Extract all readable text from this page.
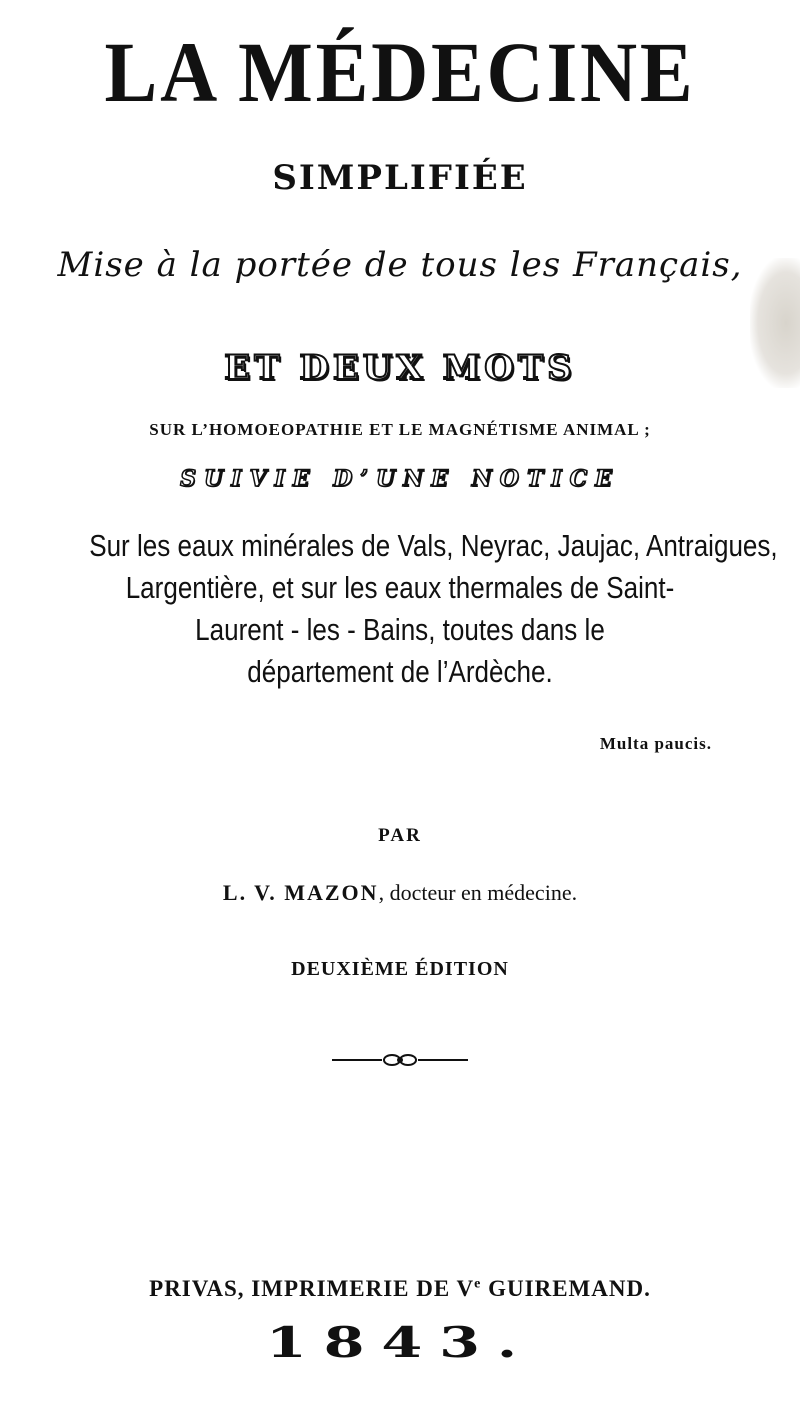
LA MÉDECINE
SIMPLIFIÉE
Mise à la portée de tous les Français,
ET DEUX MOTS
SUR L’HOMOEOPATHIE ET LE MAGNÉTISME ANIMAL ;
SUIVIE D’UNE NOTICE
Sur les eaux minérales de Vals, Neyrac, Jaujac, Antraigues,
Largentière, et sur les eaux thermales de Saint-
Laurent - les - Bains, toutes dans le
département de l’Ardèche.
Multa paucis.
PAR
L. V. MAZON, docteur en médecine.
DEUXIÈME ÉDITION
PRIVAS, IMPRIMERIE DE Ve GUIREMAND.
1843.
